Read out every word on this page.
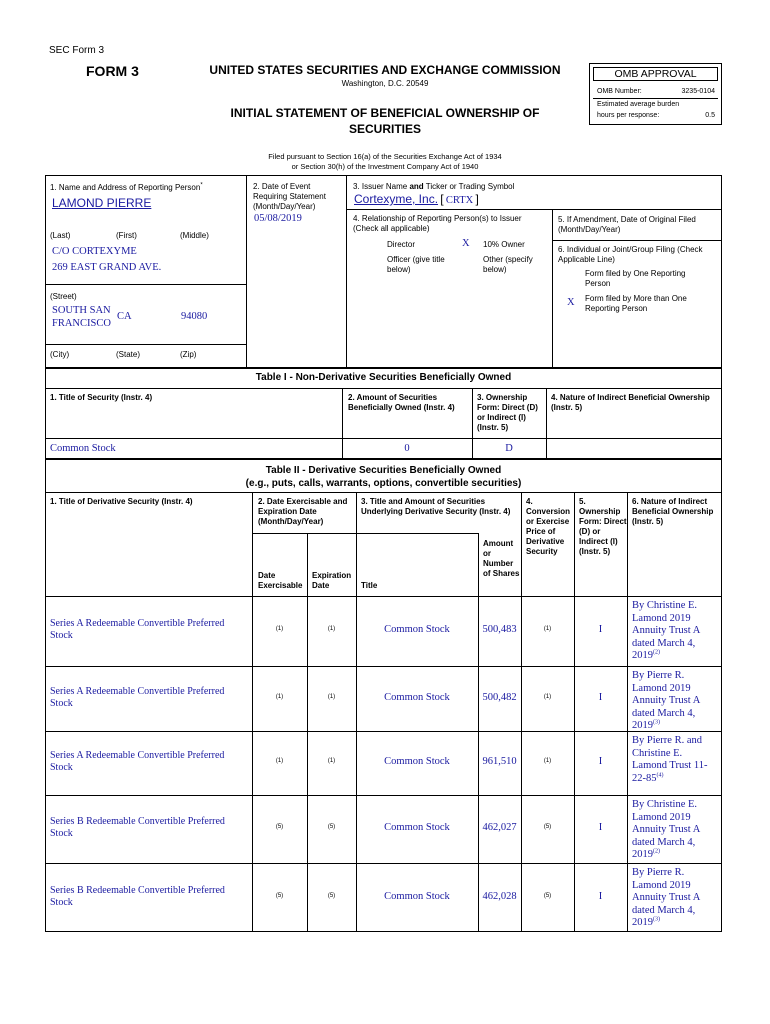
SEC Form 3
FORM 3	UNITED STATES SECURITIES AND EXCHANGE COMMISSION
Washington, D.C. 20549
INITIAL STATEMENT OF BENEFICIAL OWNERSHIP OF
SECURITIES
OMB APPROVAL
OMB Number:	3235-0104
Estimated average burden
hours per response:	0.5
Filed pursuant to Section 16(a) of the Securities Exchange Act of 1934
or Section 30(h) of the Investment Company Act of 1940
1. Name and Address of Reporting Person*
LAMOND PIERRE
(Last)	(First)	(Middle)
C/O CORTEXYME
269 EAST GRAND AVE.
(Street)
SOUTH SAN FRANCISCO
CA	94080
(City)	(State)	(Zip)
2. Date of Event Requiring Statement (Month/Day/Year)
05/08/2019
3. Issuer Name and Ticker or Trading Symbol
Cortexyme, Inc. [ CRTX ]
4. Relationship of Reporting Person(s) to Issuer (Check all applicable)
Director	X 10% Owner
Officer (give title below)
Other (specify below)
5. If Amendment, Date of Original Filed (Month/Day/Year)
6. Individual or Joint/Group Filing (Check Applicable Line)
Form filed by One Reporting Person
X Form filed by More than One Reporting Person
Table I - Non-Derivative Securities Beneficially Owned
1. Title of Security (Instr. 4)	2. Amount of Securities Beneficially Owned (Instr. 4)
3. Ownership Form: Direct (D) or Indirect (I) (Instr. 5)
4. Nature of Indirect Beneficial Ownership (Instr. 5)
Common Stock	0	D
Table II - Derivative Securities Beneficially Owned
(e.g., puts, calls, warrants, options, convertible securities)
1. Title of Derivative Security (Instr. 4)	2. Date Exercisable and Expiration Date (Month/Day/Year)
3. Title and Amount of Securities Underlying Derivative Security (Instr. 4)
4. Conversion or Exercise Price of Derivative Security
5. Ownership Form: Direct (D) or Indirect (I) (Instr. 5)
6. Nature of Indirect Beneficial Ownership (Instr. 5)
Date Exercisable
Expiration Date	Title
Amount or Number of Shares
Series A Redeemable Convertible Preferred Stock
(1)	(1)	Common Stock	500,483	(1)	I
By Christine E. Lamond 2019 Annuity Trust A dated March 4, 2019$^{(2)}$
Series A Redeemable Convertible Preferred Stock
(1)	(1)	Common Stock	500,482	(1)	I
By Pierre R. Lamond 2019 Annuity Trust A dated March 4, 2019$^{(3)}$
Series A Redeemable Convertible Preferred Stock
(1)	(1)	Common Stock	961,510	(1)	I
By Pierre R. and Christine E. Lamond Trust 11-22-85$^{(4)}$
Series B Redeemable Convertible Preferred Stock
(5)	(5)	Common Stock	462,027	(5)	I
By Christine E. Lamond 2019 Annuity Trust A dated March 4, 2019$^{(2)}$
Series B Redeemable Convertible Preferred Stock
(5)	(5)	Common Stock	462,028	(5)	I
By Pierre R. Lamond 2019 Annuity Trust A dated March 4, 2019$^{(3)}$
